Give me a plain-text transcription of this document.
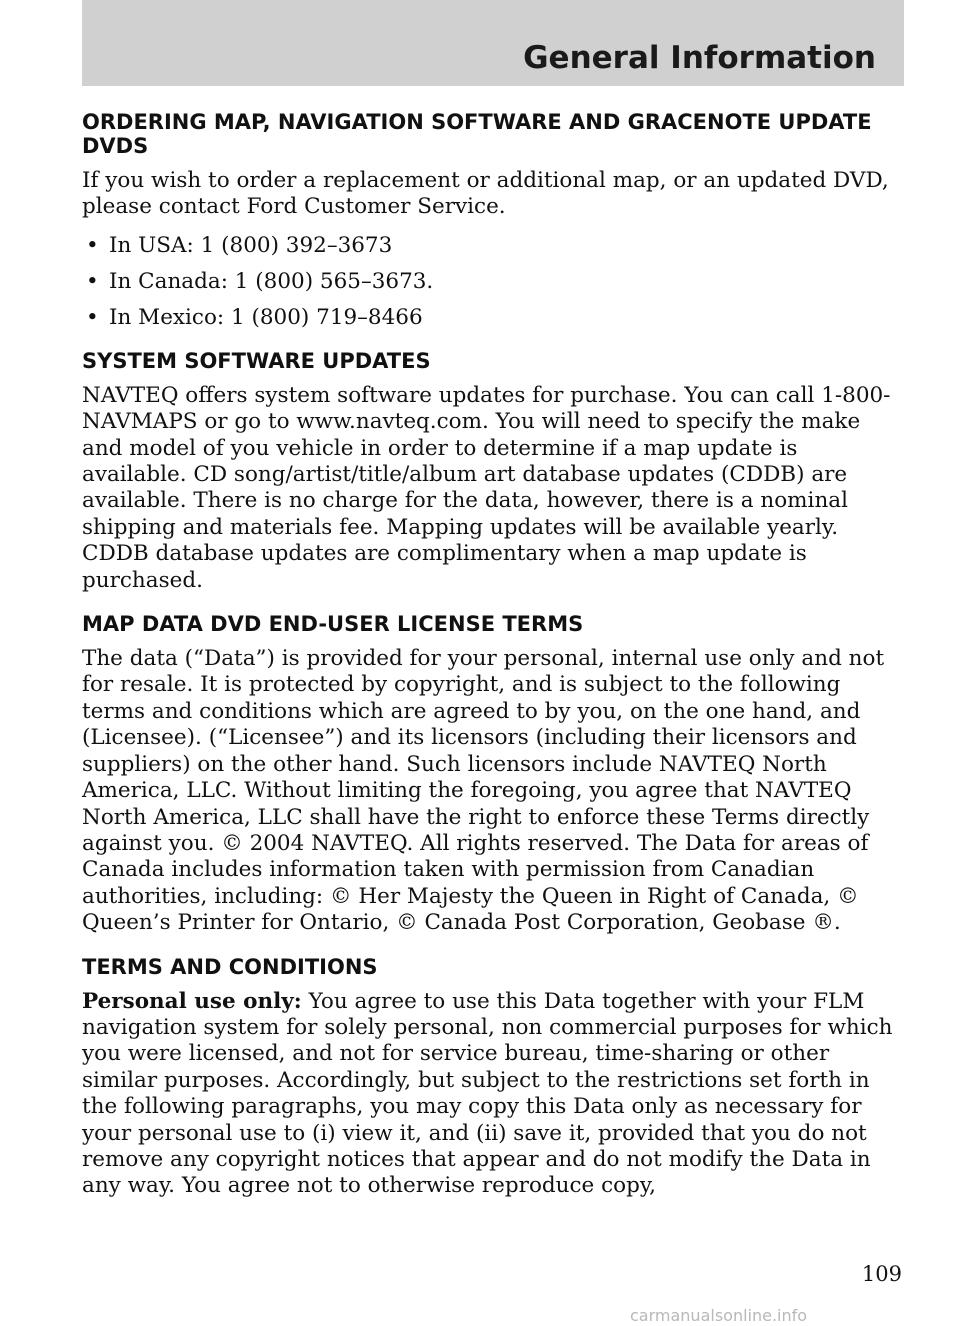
General Information
ORDERING MAP, NAVIGATION SOFTWARE AND GRACENOTE UPDATE DVDS

If you wish to order a replacement or additional map, or an updated DVD, please contact Ford Customer Service.

• In USA: 1 (800) 392–3673
• In Canada: 1 (800) 565–3673.
• In Mexico: 1 (800) 719–8466
SYSTEM SOFTWARE UPDATES

NAVTEQ offers system software updates for purchase. You can call 1-800-NAVMAPS or go to www.navteq.com. You will need to specify the make and model of you vehicle in order to determine if a map update is available. CD song/artist/title/album art database updates (CDDB) are available. There is no charge for the data, however, there is a nominal shipping and materials fee. Mapping updates will be available yearly. CDDB database updates are complimentary when a map update is purchased.

MAP DATA DVD END-USER LICENSE TERMS

The data (“Data”) is provided for your personal, internal use only and not for resale. It is protected by copyright, and is subject to the following terms and conditions which are agreed to by you, on the one hand, and (Licensee). (“Licensee”) and its licensors (including their licensors and suppliers) on the other hand. Such licensors include NAVTEQ North America, LLC. Without limiting the foregoing, you agree that NAVTEQ North America, LLC shall have the right to enforce these Terms directly against you. © 2004 NAVTEQ. All rights reserved. The Data for areas of Canada includes information taken with permission from Canadian authorities, including: © Her Majesty the Queen in Right of Canada, © Queen’s Printer for Ontario, © Canada Post Corporation, Geobase ®.

TERMS AND CONDITIONS

Personal use only: You agree to use this Data together with your FLM navigation system for solely personal, non commercial purposes for which you were licensed, and not for service bureau, time-sharing or other similar purposes. Accordingly, but subject to the restrictions set forth in the following paragraphs, you may copy this Data only as necessary for your personal use to (i) view it, and (ii) save it, provided that you do not remove any copyright notices that appear and do not modify the Data in any way. You agree not to otherwise reproduce copy,

109
carmanualsonline.info
